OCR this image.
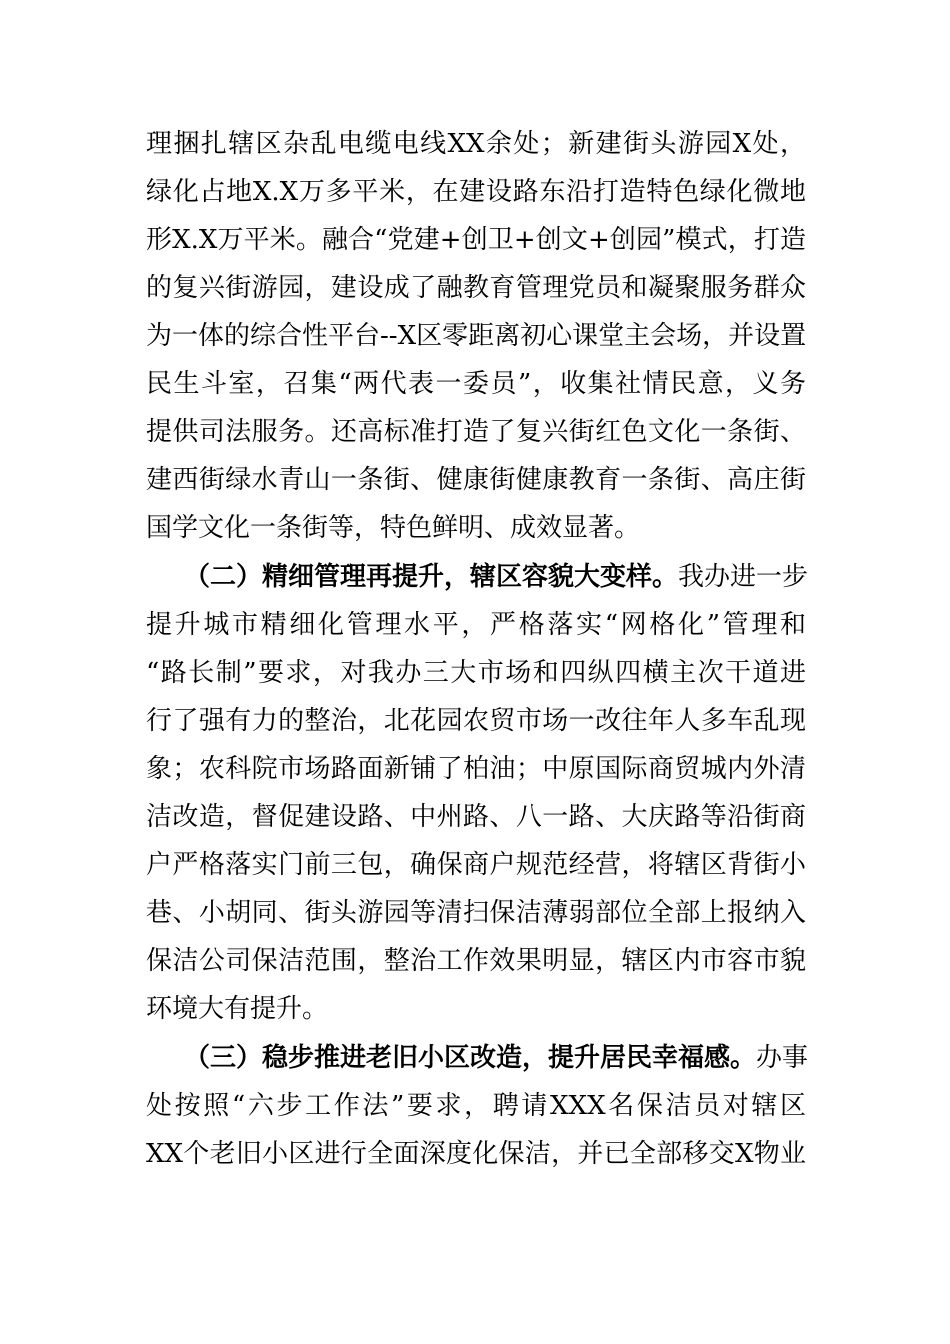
理捆扎辖区杂乱电缆电线XX余处；新建街头游园X处，
绿化占地X.X万多平米，在建设路东沿打造特色绿化微地
形X.X万平米。融合“党建+创卫+创文+创园”模式，打造
的复兴街游园，建设成了融教育管理党员和凝聚服务群众
为一体的综合性平台--X区零距离初心课堂主会场，并设置
民生斗室，召集“两代表一委员”，收集社情民意，义务
提供司法服务。还高标准打造了复兴街红色文化一条街、
建西街绿水青山一条街、健康街健康教育一条街、高庄街
国学文化一条街等，特色鲜明、成效显著。
（二）精细管理再提升，辖区容貌大变样。我办进一步
提升城市精细化管理水平，严格落实“网格化”管理和
“路长制”要求，对我办三大市场和四纵四横主次干道进
行了强有力的整治，北花园农贸市场一改往年人多车乱现
象；农科院市场路面新铺了柏油；中原国际商贸城内外清
洁改造，督促建设路、中州路、八一路、大庆路等沿街商
户严格落实门前三包，确保商户规范经营，将辖区背街小
巷、小胡同、街头游园等清扫保洁薄弱部位全部上报纳入
保洁公司保洁范围，整治工作效果明显，辖区内市容市貌
环境大有提升。
（三）稳步推进老旧小区改造，提升居民幸福感。办事
处按照“六步工作法”要求，聘请XXX名保洁员对辖区
XX个老旧小区进行全面深度化保洁，并已全部移交X物业
